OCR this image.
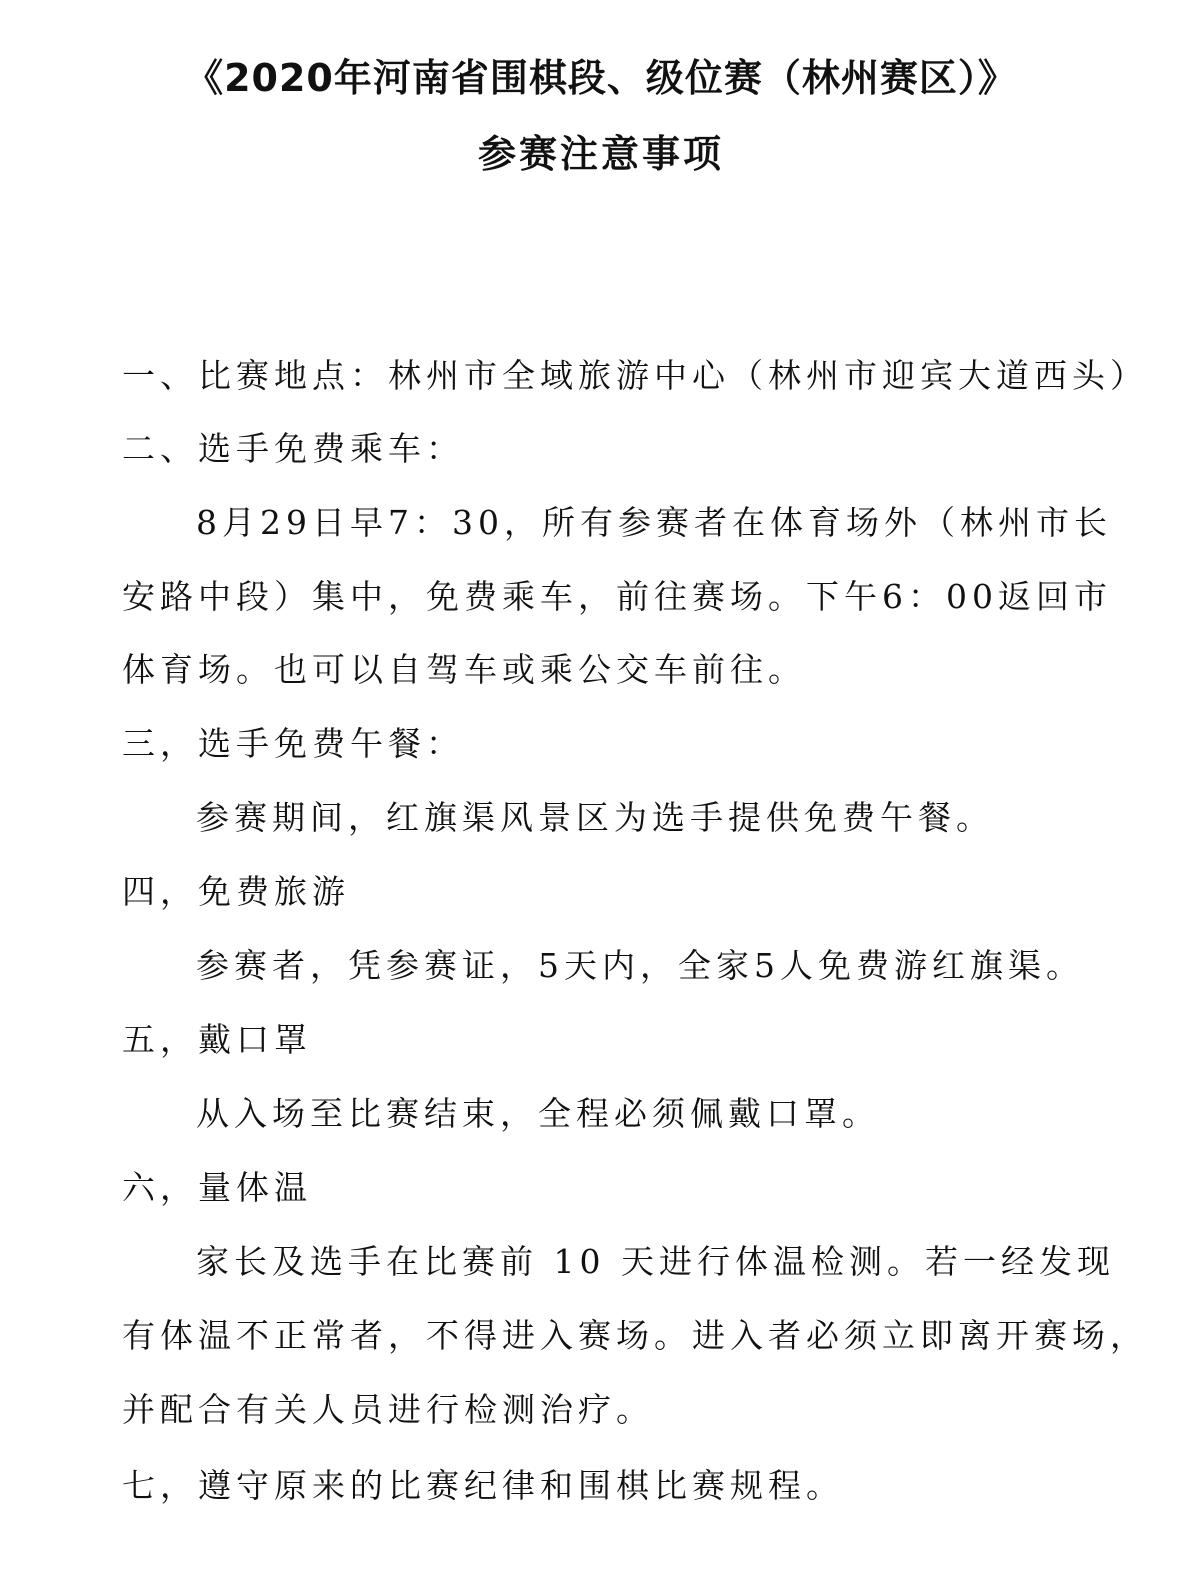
《2020年河南省围棋段、级位赛（林州赛区）》
参赛注意事项
一、比赛地点：林州市全域旅游中心（林州市迎宾大道西头）
二、选手免费乘车：
8月29日早7：30，所有参赛者在体育场外（林州市长
安路中段）集中，免费乘车，前往赛场。下午6：00返回市
体育场。也可以自驾车或乘公交车前往。
三，选手免费午餐：
参赛期间，红旗渠风景区为选手提供免费午餐。
四，免费旅游
参赛者，凭参赛证，5天内，全家5人免费游红旗渠。
五，戴口罩
从入场至比赛结束，全程必须佩戴口罩。
六，量体温
家长及选手在比赛前 10 天进行体温检测。若一经发现
有体温不正常者，不得进入赛场。进入者必须立即离开赛场，
并配合有关人员进行检测治疗。
七，遵守原来的比赛纪律和围棋比赛规程。
